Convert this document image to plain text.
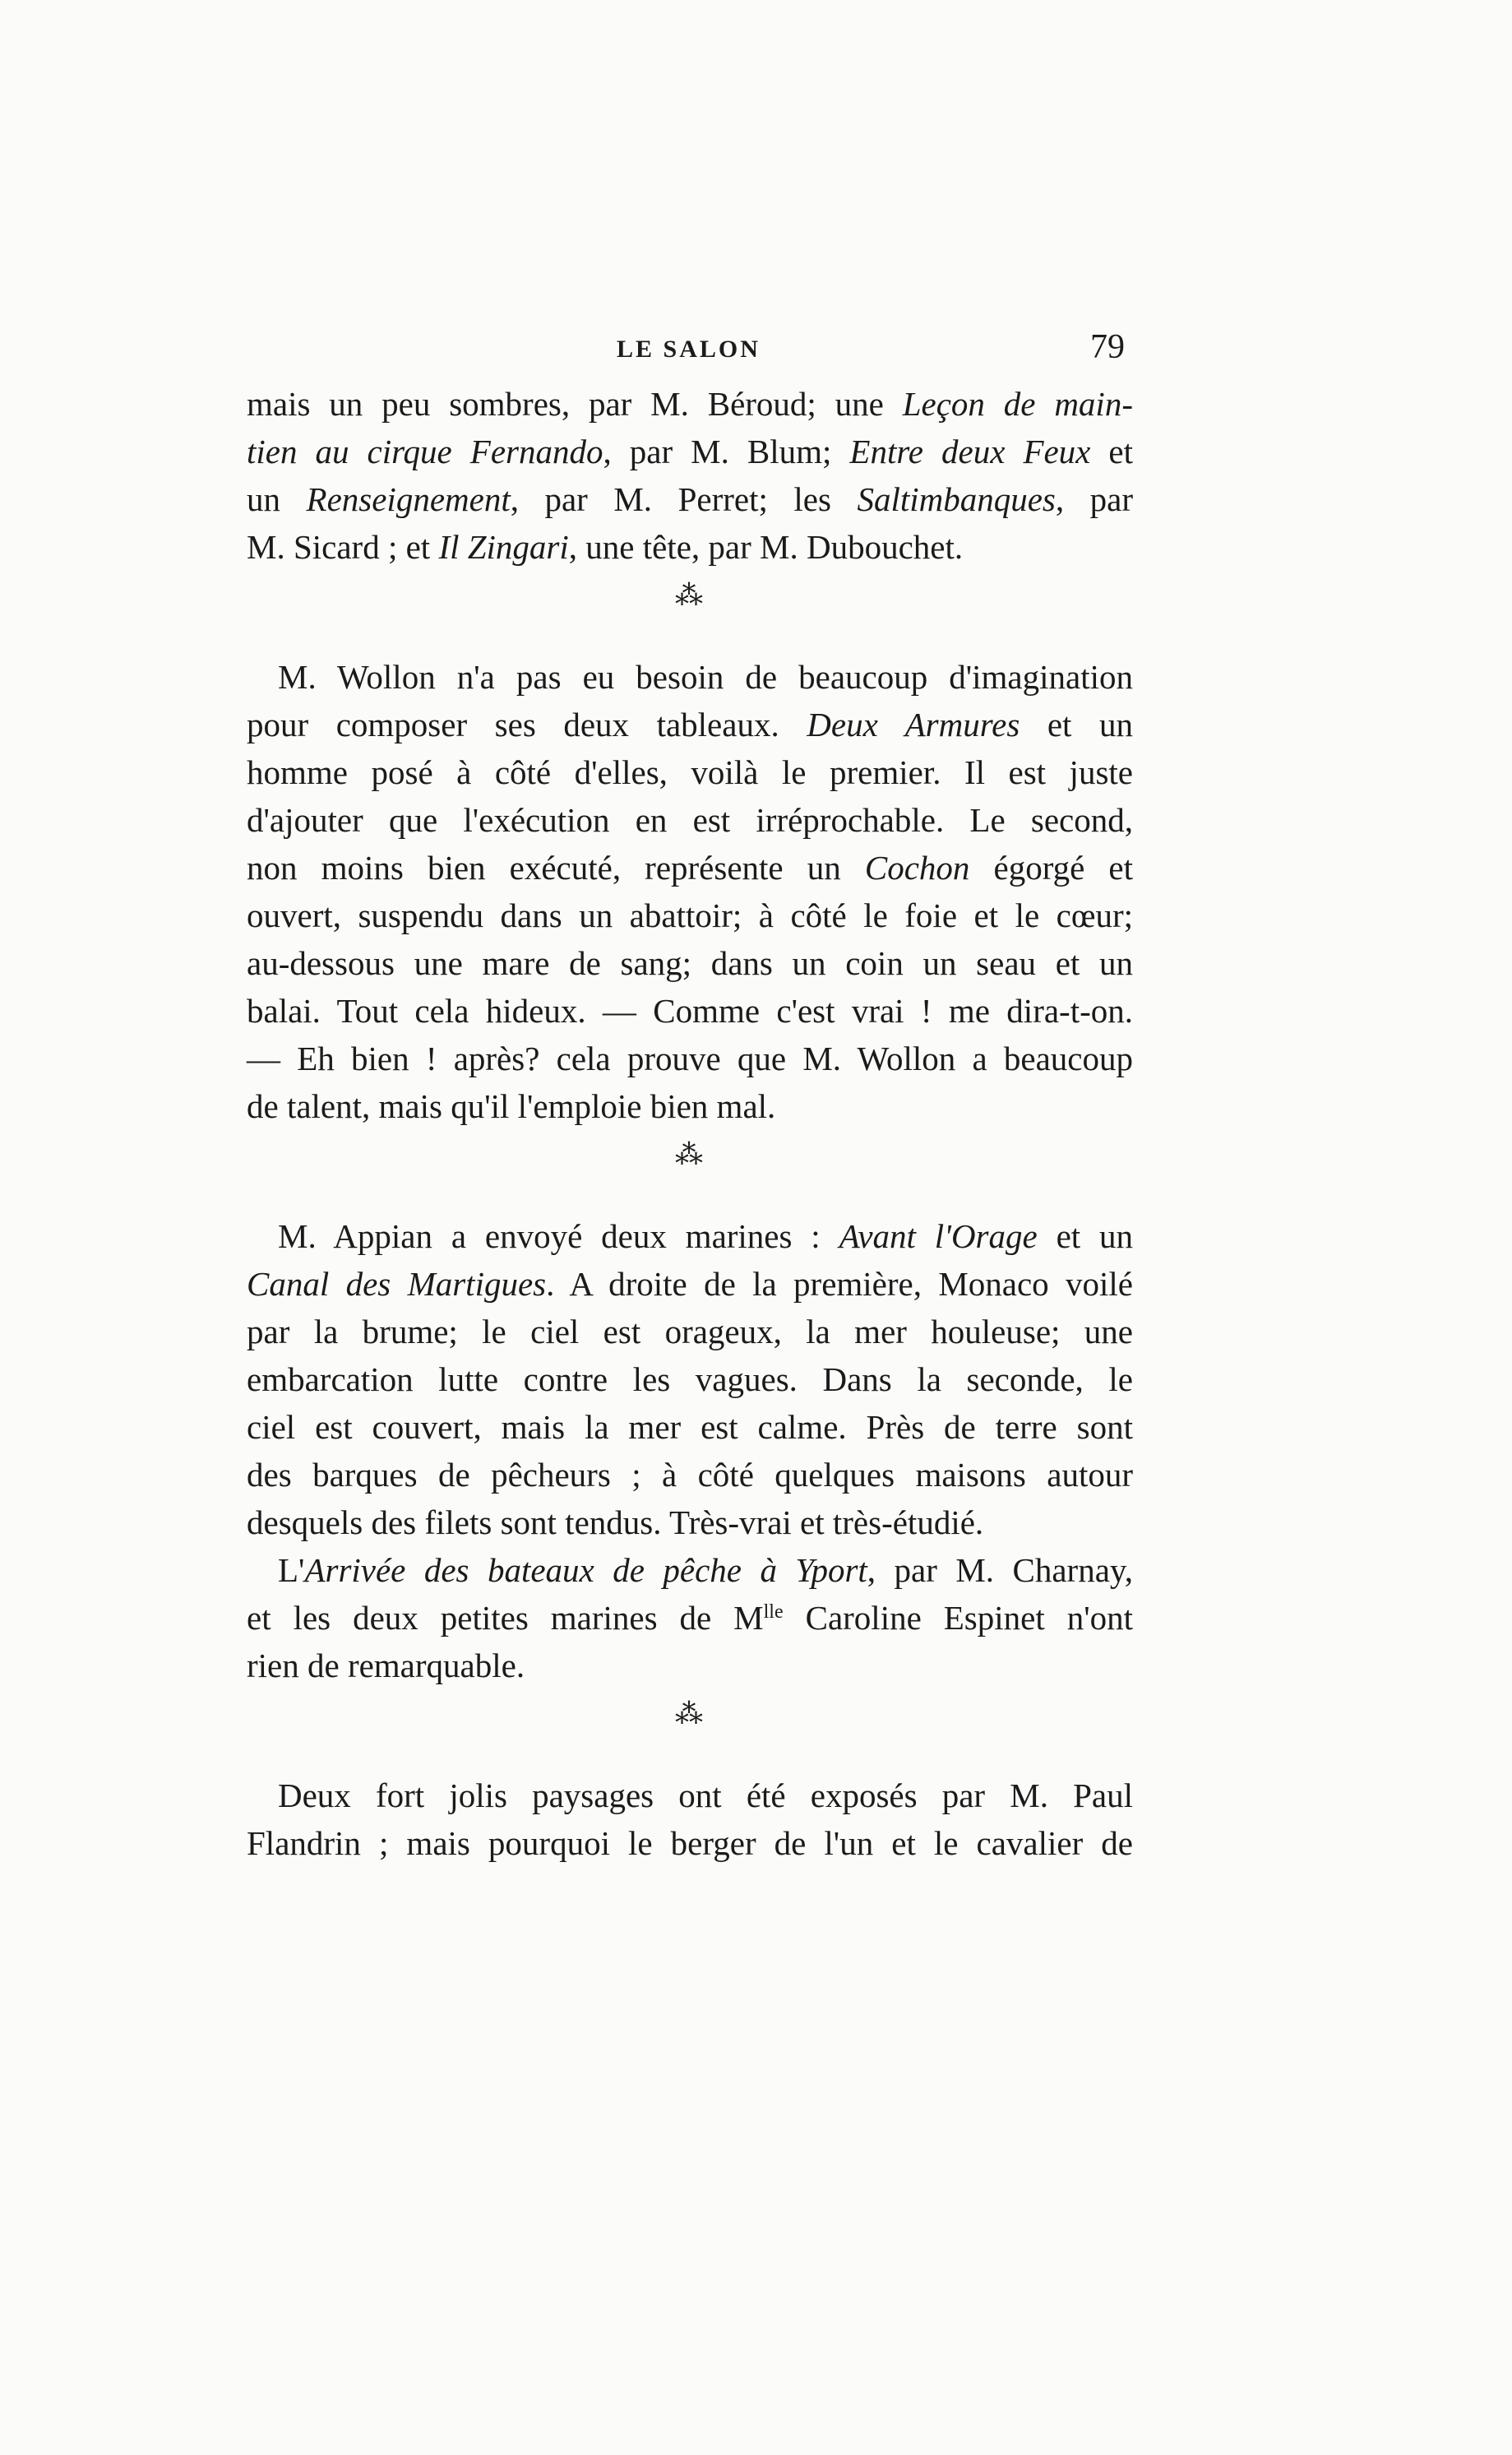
LE SALON	79
mais un peu sombres, par M. Béroud; une Leçon de main-
tien au cirque Fernando, par M. Blum; Entre deux Feux et
un Renseignement, par M. Perret; les Saltimbanques, par
M. Sicard ; et Il Zingari, une tête, par M. Dubouchet.
⁂
M. Wollon n'a pas eu besoin de beaucoup d'imagination
pour composer ses deux tableaux. Deux Armures et un
homme posé à côté d'elles, voilà le premier. Il est juste
d'ajouter que l'exécution en est irréprochable. Le second,
non moins bien exécuté, représente un Cochon égorgé et
ouvert, suspendu dans un abattoir; à côté le foie et le cœur;
au-dessous une mare de sang; dans un coin un seau et un
balai. Tout cela hideux. — Comme c'est vrai ! me dira-t-on.
— Eh bien ! après? cela prouve que M. Wollon a beaucoup
de talent, mais qu'il l'emploie bien mal.
⁂
M. Appian a envoyé deux marines : Avant l'Orage et un
Canal des Martigues. A droite de la première, Monaco voilé
par la brume; le ciel est orageux, la mer houleuse; une
embarcation lutte contre les vagues. Dans la seconde, le
ciel est couvert, mais la mer est calme. Près de terre sont
des barques de pêcheurs ; à côté quelques maisons autour
desquels des filets sont tendus. Très-vrai et très-étudié.
L'Arrivée des bateaux de pêche à Yport, par M. Charnay,
et les deux petites marines de $M^{lle}$ Caroline Espinet n'ont
rien de remarquable.
⁂
Deux fort jolis paysages ont été exposés par M. Paul
Flandrin ; mais pourquoi le berger de l'un et le cavalier de
